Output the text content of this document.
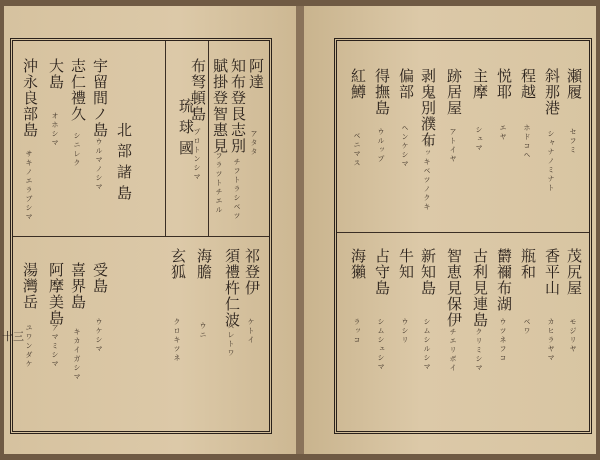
琉球國
北部諸島
十三
阿達
アタタ
知布登艮志別
チフトラシベツ
賦掛登智惠見
フラツトチエル
布弩頓島
プロトンシマ
宇留間ノ島
ウルマノシマ
志仁禮久
シニレク
大島
オホシマ
沖永良部島
サキノエラブシマ
祁登伊
ケトイ
須禮杵仁波
スレトワ
海膽
ウニ
玄狐
クロキツネ
受島
ウケシマ
喜界島
キカイガシマ
阿摩美島
アマミシマ
湯灣岳
ユワンダケ
瀬履
セフミ
斜那港
シャナノミナト
程越
ホドコヘ
悦耶
エヤ
主摩
シュマ
跡居屋
アトイヤ
剥鬼別濮布
ラッキベツノクキ
偏部
ヘンケシマ
得撫島
ウルップ
紅鱒
ベニマス
茂尻屋
モジリヤ
香平山
カヒラヤマ
瓶和
ベワ
欝禰布湖
ウツネフコ
古利見連島
クリミシマ
智恵見保伊
チエリボイ
新知島
シムシルシマ
牛知
ウシリ
占守島
シムシュシマ
海獺
ラッコ
